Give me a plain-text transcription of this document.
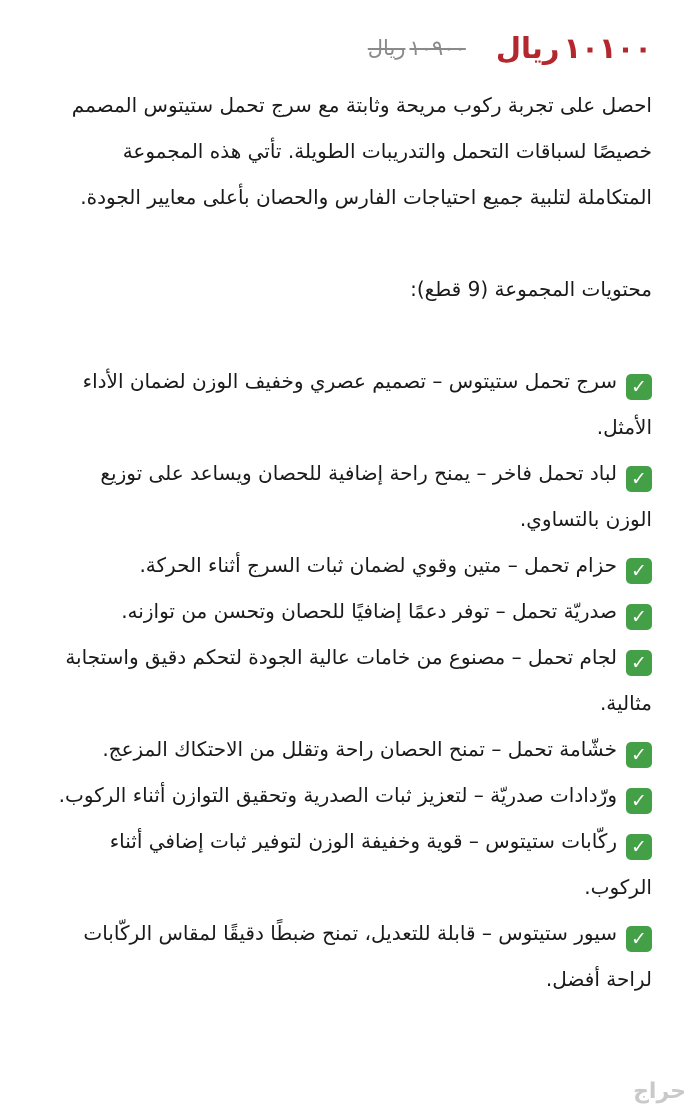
١٠٩٠٠ريال	١٠١٠٠ريال

احصل على تجربة ركوب مريحة وثابتة مع سرج تحمل ستيتوس المصمم خصيصًا لسباقات التحمل والتدريبات الطويلة. تأتي هذه المجموعة المتكاملة لتلبية جميع احتياجات الفارس والحصان بأعلى معايير الجودة.

محتويات المجموعة (9 قطع):

✓سرج تحمل ستيتوس – تصميم عصري وخفيف الوزن لضمان الأداء الأمثل.

✓لباد تحمل فاخر – يمنح راحة إضافية للحصان ويساعد على توزيع الوزن بالتساوي.

✓حزام تحمل – متين وقوي لضمان ثبات السرج أثناء الحركة.

✓صدريّة تحمل – توفر دعمًا إضافيًا للحصان وتحسن من توازنه.

✓لجام تحمل – مصنوع من خامات عالية الجودة لتحكم دقيق واستجابة مثالية.

✓خشّامة تحمل – تمنح الحصان راحة وتقلل من الاحتكاك المزعج.

✓ورّدادات صدريّة – لتعزيز ثبات الصدرية وتحقيق التوازن أثناء الركوب.

✓ركّابات ستيتوس – قوية وخفيفة الوزن لتوفير ثبات إضافي أثناء الركوب.

✓سيور ستيتوس – قابلة للتعديل، تمنح ضبطًا دقيقًا لمقاس الركّابات لراحة أفضل.

حراج
